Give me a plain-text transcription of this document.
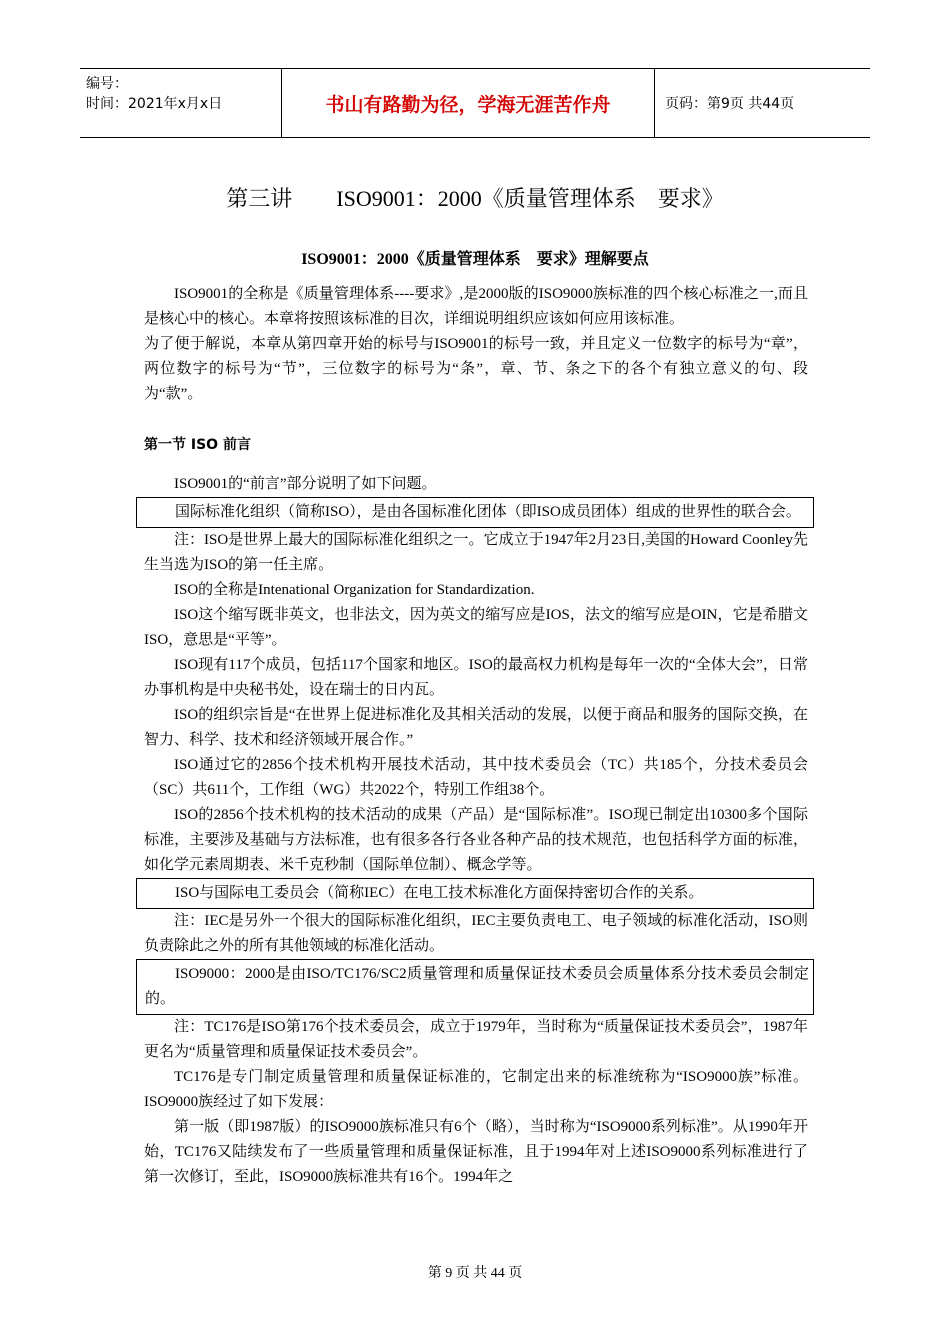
编号：
时间：2021年x月x日	书山有路勤为径，学海无涯苦作舟	页码：第9页 共44页
第三讲　　ISO9001：2000《质量管理体系　要求》
ISO9001：2000《质量管理体系　要求》理解要点

ISO9001的全称是《质量管理体系----要求》,是2000版的ISO9000族标准的四个核心标准之一,而且是核心中的核心。本章将按照该标准的目次，详细说明组织应该如何应用该标准。

为了便于解说，本章从第四章开始的标号与ISO9001的标号一致，并且定义一位数字的标号为“章”，两位数字的标号为“节”，三位数字的标号为“条”，章、节、条之下的各个有独立意义的句、段为“款”。

第一节 ISO 前言

ISO9001的“前言”部分说明了如下问题。

国际标准化组织（简称ISO），是由各国标准化团体（即ISO成员团体）组成的世界性的联合会。

注：ISO是世界上最大的国际标准化组织之一。它成立于1947年2月23日,美国的Howard Coonley先生当选为ISO的第一任主席。

ISO的全称是Intenational Organization for Standardization.

ISO这个缩写既非英文，也非法文，因为英文的缩写应是IOS，法文的缩写应是OIN，它是希腊文ISO，意思是“平等”。

ISO现有117个成员，包括117个国家和地区。ISO的最高权力机构是每年一次的“全体大会”，日常办事机构是中央秘书处，设在瑞士的日内瓦。

ISO的组织宗旨是“在世界上促进标准化及其相关活动的发展，以便于商品和服务的国际交换，在智力、科学、技术和经济领域开展合作。”

ISO通过它的2856个技术机构开展技术活动，其中技术委员会（TC）共185个，分技术委员会（SC）共611个，工作组（WG）共2022个，特别工作组38个。

ISO的2856个技术机构的技术活动的成果（产品）是“国际标准”。ISO现已制定出10300多个国际标准，主要涉及基础与方法标准，也有很多各行各业各种产品的技术规范，也包括科学方面的标准，如化学元素周期表、米千克秒制（国际单位制）、概念学等。

ISO与国际电工委员会（简称IEC）在电工技术标准化方面保持密切合作的关系。

注：IEC是另外一个很大的国际标准化组织，IEC主要负责电工、电子领域的标准化活动，ISO则负责除此之外的所有其他领域的标准化活动。

ISO9000：2000是由ISO/TC176/SC2质量管理和质量保证技术委员会质量体系分技术委员会制定的。

注：TC176是ISO第176个技术委员会，成立于1979年，当时称为“质量保证技术委员会”，1987年更名为“质量管理和质量保证技术委员会”。

TC176是专门制定质量管理和质量保证标准的，它制定出来的标准统称为“ISO9000族”标准。ISO9000族经过了如下发展：

第一版（即1987版）的ISO9000族标准只有6个（略），当时称为“ISO9000系列标准”。从1990年开始，TC176又陆续发布了一些质量管理和质量保证标准，且于1994年对上述ISO9000系列标准进行了第一次修订，至此，ISO9000族标准共有16个。1994年之

第 9 页 共 44 页
